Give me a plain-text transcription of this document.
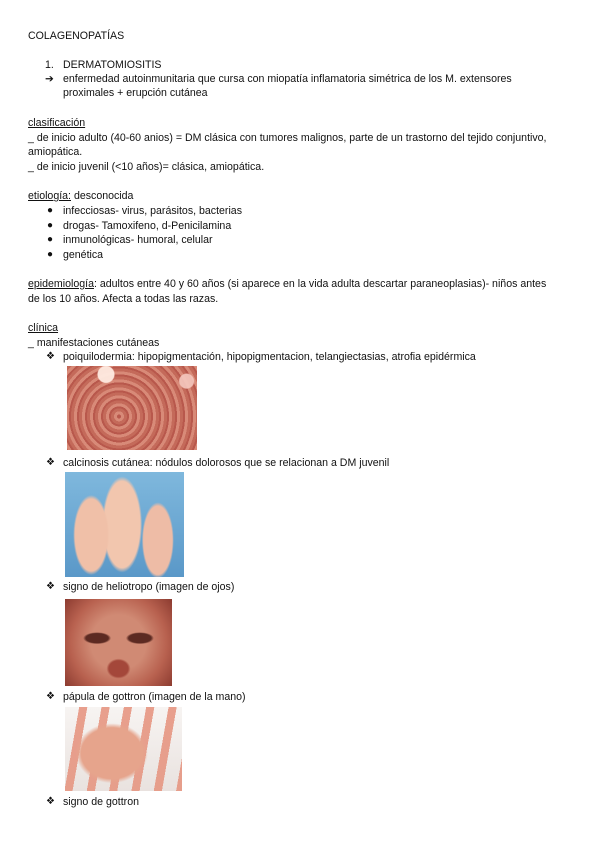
COLAGENOPATÍAS
1. DERMATOMIOSITIS
➔ enfermedad autoinmunitaria que cursa con miopatía inflamatoria simétrica de los M. extensores
proximales + erupción cutánea
clasificación
_ de inicio adulto (40-60 anios) = DM clásica con tumores malignos, parte de un trastorno del tejido conjuntivo,
amiopática.
_ de inicio juvenil (<10 años)= clásica, amiopática.
etiología: desconocida
● infecciosas- virus, parásitos, bacterias
● drogas- Tamoxifeno, d-Penicilamina
● inmunológicas- humoral, celular
● genética
epidemiología: adultos entre 40 y 60 años (si aparece en la vida adulta descartar paraneoplasias)- niños antes
de los 10 años. Afecta a todas las razas.
clínica
_ manifestaciones cutáneas
❖ poiquilodermia: hipopigmentación, hipopigmentacion, telangiectasias, atrofia epidérmica
❖ calcinosis cutánea: nódulos dolorosos que se relacionan a DM juvenil
❖ signo de heliotropo (imagen de ojos)
❖ pápula de gottron (imagen de la mano)
❖ signo de gottron
